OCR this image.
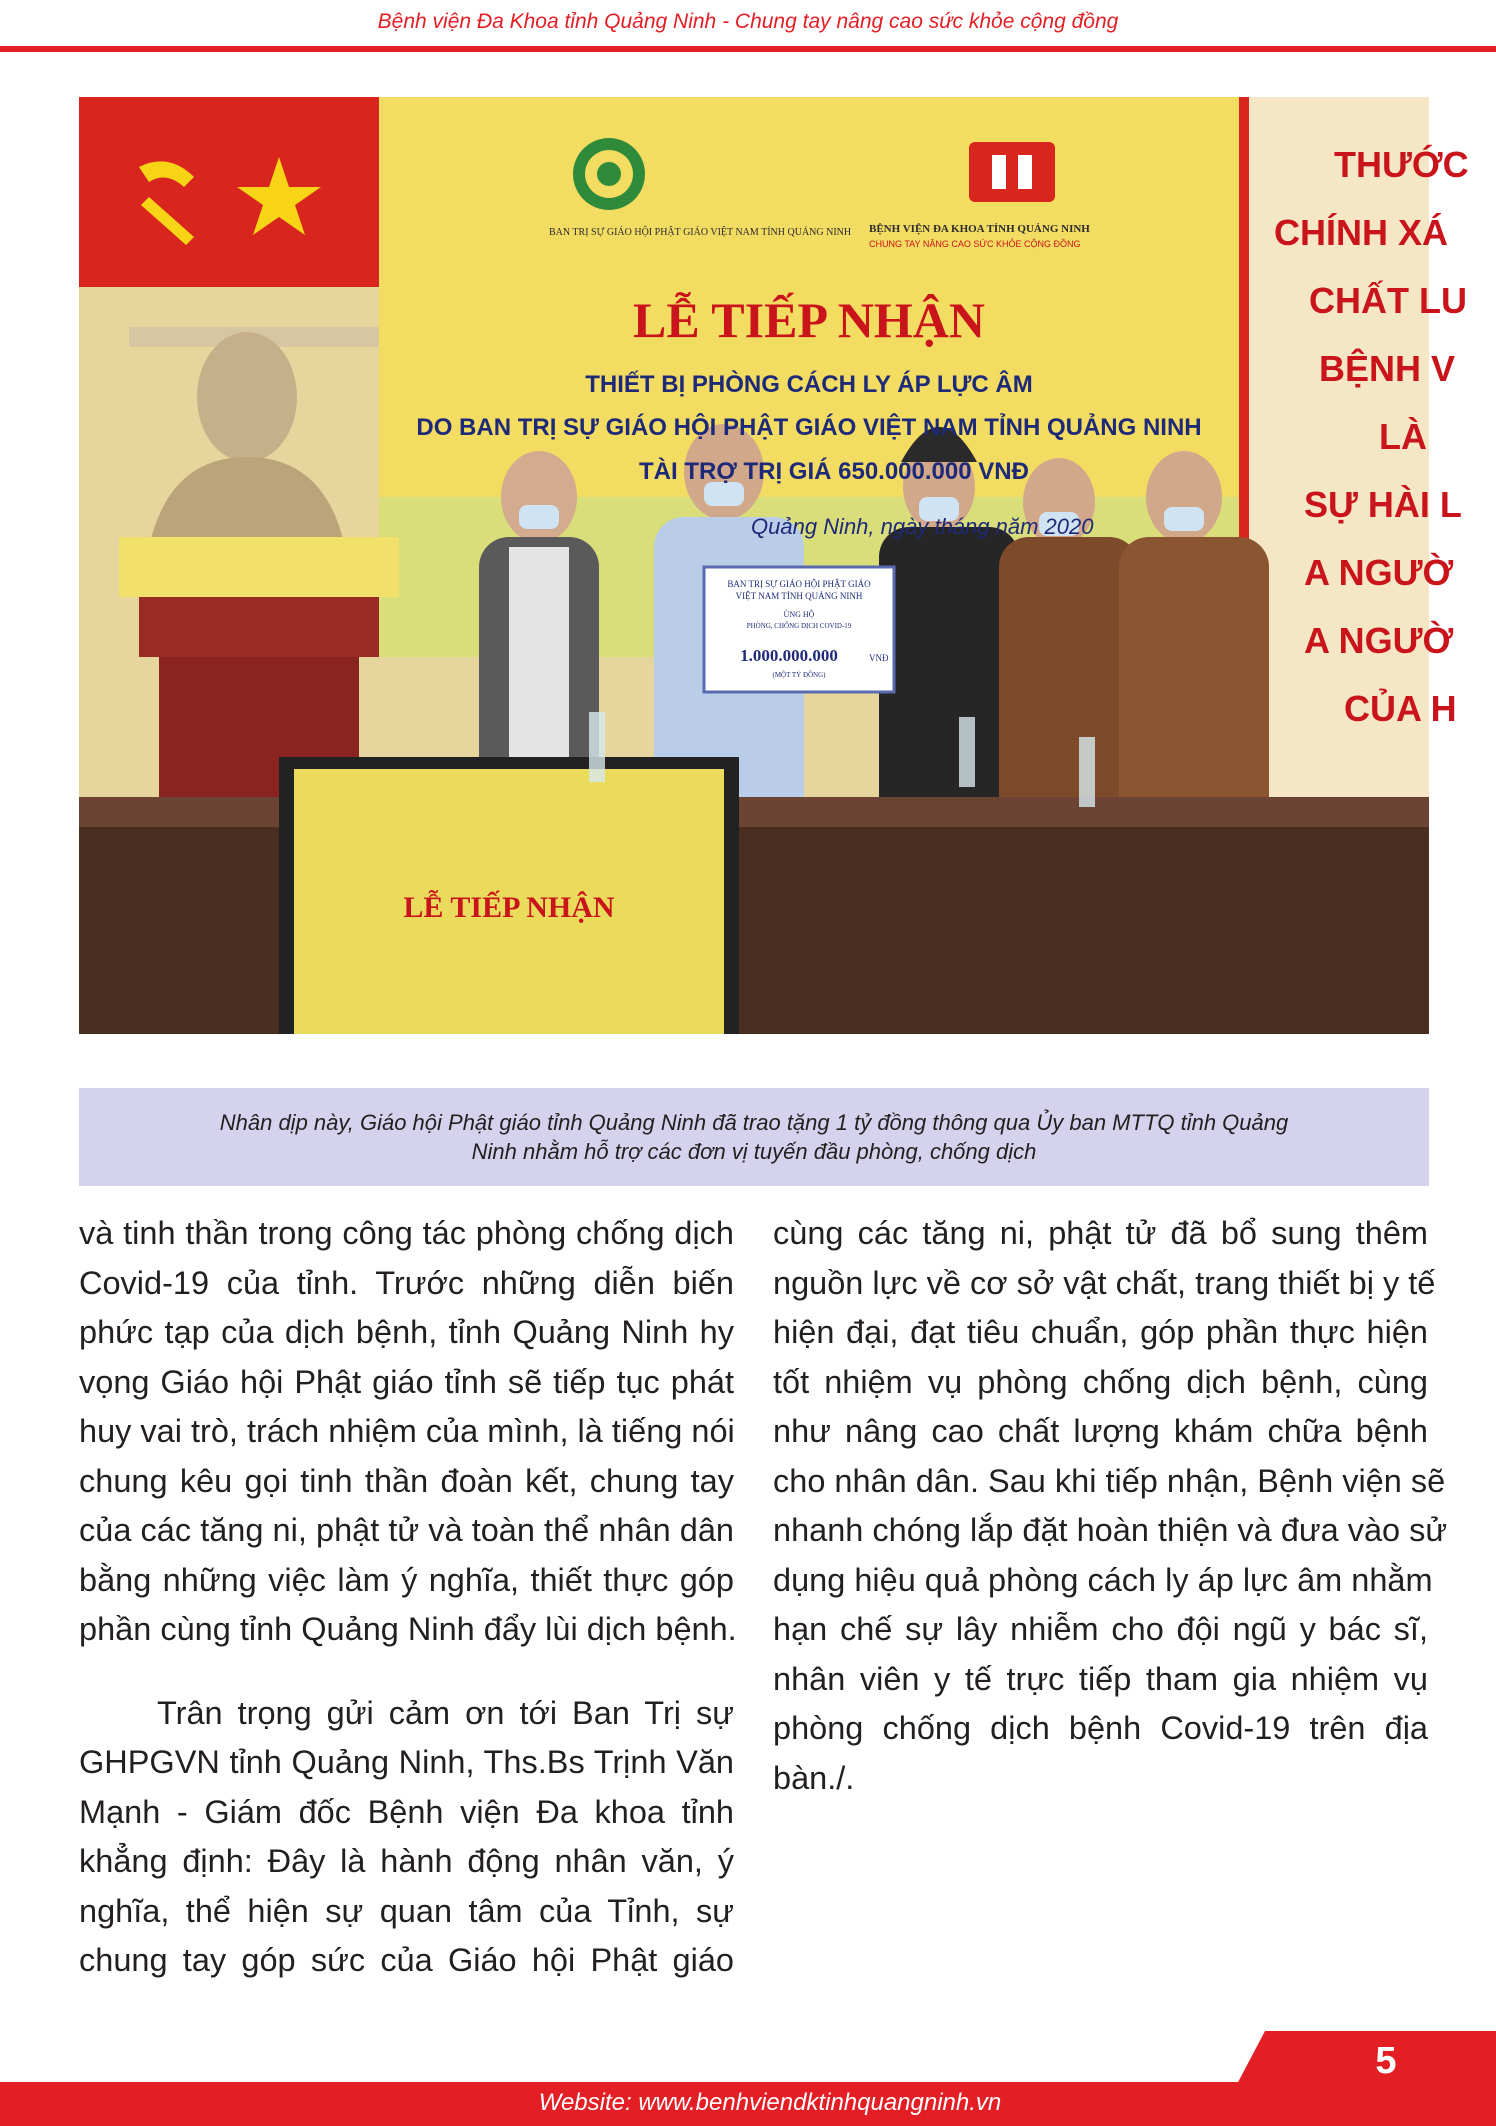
Bệnh viện Đa Khoa tỉnh Quảng Ninh - Chung tay nâng cao sức khỏe cộng đồng
BAN TRỊ SỰ GIÁO HỘI PHẬT GIÁO VIỆT NAM TỈNH QUẢNG NINH BỆNH VIỆN ĐA KHOA TỈNH QUẢNG NINH
CHUNG TAY NÂNG CAO SỨC KHỎE CỘNG ĐỒNG
LỄ TIẾP NHẬN
THIẾT BỊ PHÒNG CÁCH LY ÁP LỰC ÂM
DO BAN TRỊ SỰ GIÁO HỘI PHẬT GIÁO VIỆT NAM TỈNH QUẢNG NINH
TÀI TRỢ TRỊ GIÁ 650.000.000 VNĐ
Quảng Ninh, ngày tháng năm 2020
THƯỚC
CHÍNH XÁ
CHẤT LU
BỆNH V
LÀ
SỰ HÀI L
A NGƯỜ
A NGƯỜ
CỦA H
BAN TRỊ SỰ GIÁO HỘI PHẬT GIÁO
VIỆT NAM TỈNH QUẢNG NINH
ỦNG HỘ
PHÒNG, CHỐNG DỊCH COVID-19
1.000.000.000	VNĐ
(MỘT TỶ ĐỒNG)
LỄ TIẾP NHẬN
Nhân dịp này, Giáo hội Phật giáo tỉnh Quảng Ninh đã trao tặng 1 tỷ đồng thông qua Ủy ban MTTQ tỉnh Quảng
Ninh nhằm hỗ trợ các đơn vị tuyến đầu phòng, chống dịch
và tinh thần trong công tác phòng chống dịch
Covid-19 của tỉnh. Trước những diễn biến
phức tạp của dịch bệnh, tỉnh Quảng Ninh hy
vọng Giáo hội Phật giáo tỉnh sẽ tiếp tục phát
huy vai trò, trách nhiệm của mình, là tiếng nói
chung kêu gọi tinh thần đoàn kết, chung tay
của các tăng ni, phật tử và toàn thể nhân dân
bằng những việc làm ý nghĩa, thiết thực góp
phần cùng tỉnh Quảng Ninh đẩy lùi dịch bệnh.
Trân trọng gửi cảm ơn tới Ban Trị sự
GHPGVN tỉnh Quảng Ninh, Ths.Bs Trịnh Văn
Mạnh - Giám đốc Bệnh viện Đa khoa tỉnh
khẳng định: Đây là hành động nhân văn, ý
nghĩa, thể hiện sự quan tâm của Tỉnh, sự
chung tay góp sức của Giáo hội Phật giáo
cùng các tăng ni, phật tử đã bổ sung thêm
nguồn lực về cơ sở vật chất, trang thiết bị y tế
hiện đại, đạt tiêu chuẩn, góp phần thực hiện
tốt nhiệm vụ phòng chống dịch bệnh, cùng
như nâng cao chất lượng khám chữa bệnh
cho nhân dân. Sau khi tiếp nhận, Bệnh viện sẽ
nhanh chóng lắp đặt hoàn thiện và đưa vào sử
dụng hiệu quả phòng cách ly áp lực âm nhằm
hạn chế sự lây nhiễm cho đội ngũ y bác sĩ,
nhân viên y tế trực tiếp tham gia nhiệm vụ
phòng chống dịch bệnh Covid-19 trên địa
bàn./.
Website: www.benhviendktinhquangninh.vn
5
